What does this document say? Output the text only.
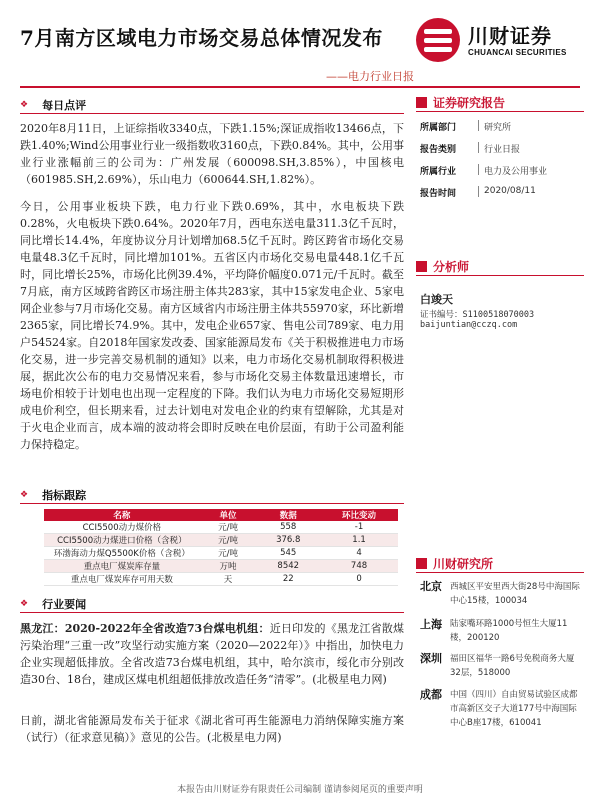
7月南方区域电力市场交易总体情况发布
——电力行业日报
川财证券
CHUANCAI SECURITIES
❖ 每日点评
2020年8月11日，上证综指收3340点，下跌1.15%;深证成指收13466点，下跌1.40%;Wind公用事业行业一级指数收3160点，下跌0.84%。其中，公用事业行业涨幅前三的公司为：广州发展（600098.SH,3.85%），中国核电（601985.SH,2.69%），乐山电力（600644.SH,1.82%）。
今日，公用事业板块下跌，电力行业下跌0.69%，其中，水电板块下跌0.28%，火电板块下跌0.64%。2020年7月，西电东送电量311.3亿千瓦时，同比增长14.4%，年度协议分月计划增加68.5亿千瓦时。跨区跨省市场化交易电量48.3亿千瓦时，同比增加101%。五省区内市场化交易电量448.1亿千瓦时，同比增长25%，市场化比例39.4%，平均降价幅度0.071元/千瓦时。截至7月底，南方区域跨省跨区市场注册主体共283家，其中15家发电企业、5家电网企业参与7月市场化交易。南方区域省内市场注册主体共55970家，环比新增2365家，同比增长74.9%。其中，发电企业657家、售电公司789家、电力用户54524家。自2018年国家发改委、国家能源局发布《关于积极推进电力市场化交易，进一步完善交易机制的通知》以来，电力市场化交易机制取得积极进展，据此次公布的电力交易情况来看，参与市场化交易主体数量迅速增长，市场电价相较于计划电也出现一定程度的下降。我们认为电力市场化交易短期形成电价利空，但长期来看，过去计划电对发电企业的约束有望解除，尤其是对于火电企业而言，成本端的波动将会即时反映在电价层面，有助于公司盈利能力保持稳定。
❖ 指标跟踪
名称	单位	数据	环比变动
CCI5500动力煤价格	元/吨	558	-1
CCI5500动力煤进口价格（含税）	元/吨	376.8	1.1
环渤海动力煤Q5500K价格（含税）	元/吨	545	4
重点电厂煤炭库存量	万吨	8542	748
重点电厂煤炭库存可用天数	天	22	0
❖ 行业要闻
黑龙江：2020-2022年全省改造73台煤电机组：近日印发的《黑龙江省散煤污染治理“三重一改”攻坚行动实施方案（2020—2022年）》中指出，加快电力企业实现超低排放。全省改造73台煤电机组，其中，哈尔滨市，绥化市分别改造30台、18台，建成区煤电机组超低排放改造任务“清零”。(北极星电力网)
日前，湖北省能源局发布关于征求《湖北省可再生能源电力消纳保障实施方案（试行）（征求意见稿）》意见的公告。(北极星电力网)
证券研究报告
所属部门	研究所
报告类别	行业日报
所属行业	电力及公用事业
报告时间	2020/08/11
分析师
白竣天
证书编号：S1100518070003
baijuntian@cczq.com
川财研究所
北京 西城区平安里西大街28号中海国际中心15楼，100034
上海 陆家嘴环路1000号恒生大厦11楼，200120
深圳 福田区福华一路6号免税商务大厦32层，518000
成都 中国（四川）自由贸易试验区成都市高新区交子大道177号中海国际中心B座17楼，610041
本报告由川财证券有限责任公司编制 谨请参阅尾页的重要声明
